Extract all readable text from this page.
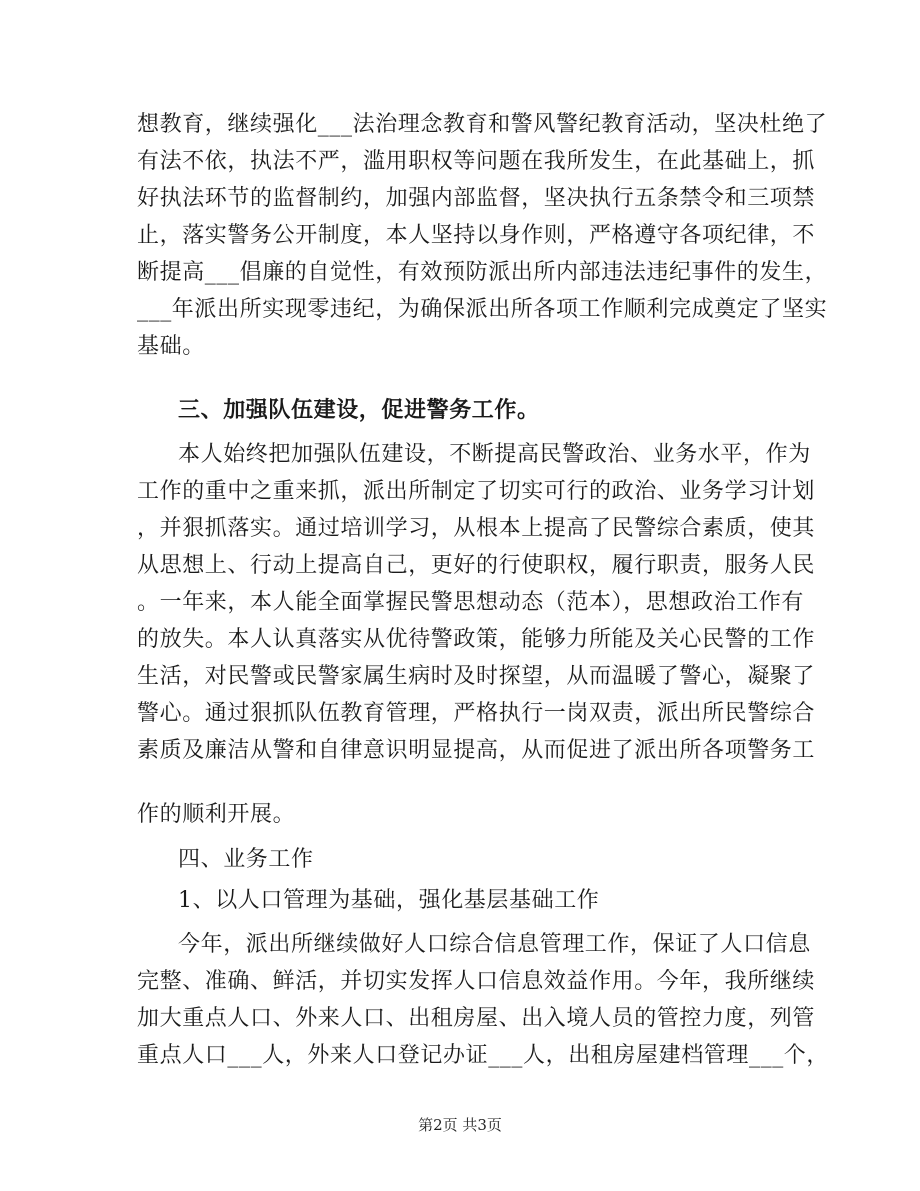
想教育，继续强化___法治理念教育和警风警纪教育活动，坚决杜绝了
有法不依，执法不严，滥用职权等问题在我所发生，在此基础上，抓
好执法环节的监督制约，加强内部监督，坚决执行五条禁令和三项禁
止，落实警务公开制度，本人坚持以身作则，严格遵守各项纪律，不
断提高___倡廉的自觉性，有效预防派出所内部违法违纪事件的发生，
___年派出所实现零违纪，为确保派出所各项工作顺利完成奠定了坚实
基础。
三、加强队伍建设，促进警务工作。
本人始终把加强队伍建设，不断提高民警政治、业务水平，作为
工作的重中之重来抓，派出所制定了切实可行的政治、业务学习计划
，并狠抓落实。通过培训学习，从根本上提高了民警综合素质，使其
从思想上、行动上提高自己，更好的行使职权，履行职责，服务人民
。一年来，本人能全面掌握民警思想动态（范本），思想政治工作有
的放失。本人认真落实从优待警政策，能够力所能及关心民警的工作
生活，对民警或民警家属生病时及时探望，从而温暖了警心，凝聚了
警心。通过狠抓队伍教育管理，严格执行一岗双责，派出所民警综合
素质及廉洁从警和自律意识明显提高，从而促进了派出所各项警务工
作的顺利开展。
四、业务工作
1、以人口管理为基础，强化基层基础工作
今年，派出所继续做好人口综合信息管理工作，保证了人口信息
完整、准确、鲜活，并切实发挥人口信息效益作用。今年，我所继续
加大重点人口、外来人口、出租房屋、出入境人员的管控力度，列管
重点人口___人，外来人口登记办证___人，出租房屋建档管理___个，
第2页 共3页
